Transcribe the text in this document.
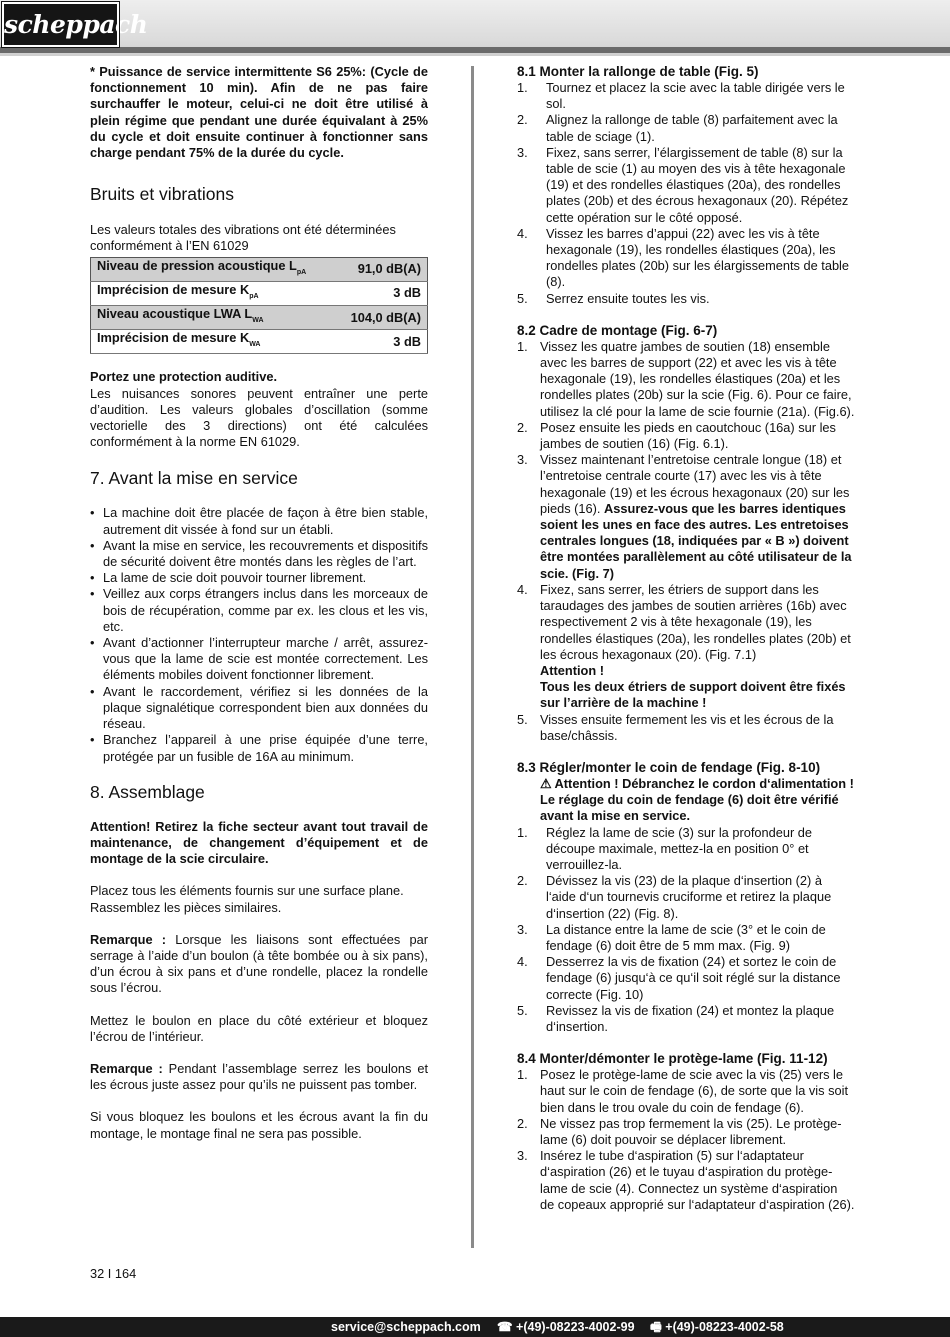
scheppach

* Puissance de service intermittente S6 25%: (Cycle de fonctionnement 10 min). Afin de ne pas faire surchauffer le moteur, celui-ci ne doit être utilisé à plein régime que pendant une durée équivalant à 25% du cycle et doit ensuite continuer à fonctionner sans charge pendant 75% de la durée du cycle.

Bruits et vibrations

Les valeurs totales des vibrations ont été déterminées conformément à l’EN 61029

Niveau de pression acoustique $L_{pA}$	91,0 dB(A)
Imprécision de mesure $K_{pA}$	3 dB
Niveau acoustique LWA $L_{WA}$	104,0 dB(A)
Imprécision de mesure $K_{WA}$	3 dB

Portez une protection auditive.

Les nuisances sonores peuvent entraîner une perte d’audition. Les valeurs globales d’oscillation (somme vectorielle des 3 directions) ont été calculées conformément à la norme EN 61029.

7. Avant la mise en service
• La machine doit être placée de façon à être bien stable, autrement dit vissée à fond sur un établi.
• Avant la mise en service, les recouvrements et dispositifs de sécurité doivent être montés dans les règles de l’art.
• La lame de scie doit pouvoir tourner librement.
• Veillez aux corps étrangers inclus dans les morceaux de bois de récupération, comme par ex. les clous et les vis, etc.
• Avant d’actionner l’interrupteur marche / arrêt, assurez-vous que la lame de scie est montée correctement. Les éléments mobiles doivent fonctionner librement.
• Avant le raccordement, vérifiez si les données de la plaque signalétique correspondent bien aux données du réseau.
• Branchez l’appareil à une prise équipée d’une terre, protégée par un fusible de 16A au minimum.
8. Assemblage

Attention! Retirez la fiche secteur avant tout travail de maintenance, de changement d’équipement et de montage de la scie circulaire.

Placez tous les éléments fournis sur une surface plane. Rassemblez les pièces similaires.

Remarque : Lorsque les liaisons sont effectuées par serrage à l’aide d’un boulon (à tête bombée ou à six pans), d’un écrou à six pans et d’une rondelle, placez la rondelle sous l’écrou.

Mettez le boulon en place du côté extérieur et bloquez l’écrou de l’intérieur.

Remarque : Pendant l’assemblage serrez les boulons et les écrous juste assez pour qu’ils ne puissent pas tomber.

Si vous bloquez les boulons et les écrous avant la fin du montage, le montage final ne sera pas possible.

8.1 Monter la rallonge de table (Fig. 5)
1. Tournez et placez la scie avec la table dirigée vers le sol.
2. Alignez la rallonge de table (8) parfaitement avec la table de sciage (1).
3. Fixez, sans serrer, l’élargissement de table (8) sur la table de scie (1) au moyen des vis à tête hexagonale (19) et des rondelles élastiques (20a), des rondelles plates (20b) et des écrous hexagonaux (20). Répétez cette opération sur le côté opposé.
4. Vissez les barres d’appui (22) avec les vis à tête hexagonale (19), les rondelles élastiques (20a), les rondelles plates (20b) sur les élargissements de table (8).
5. Serrez ensuite toutes les vis.
8.2 Cadre de montage (Fig. 6-7)
1. Vissez les quatre jambes de soutien (18) ensemble avec les barres de support (22) et avec les vis à tête hexagonale (19), les rondelles élastiques (20a) et les rondelles plates (20b) sur la scie (Fig. 6). Pour ce faire, utilisez la clé pour la lame de scie fournie (21a). (Fig.6).
2. Posez ensuite les pieds en caoutchouc (16a) sur les jambes de soutien (16) (Fig. 6.1).
3. Vissez maintenant l’entretoise centrale longue (18) et l’entretoise centrale courte (17) avec les vis à tête hexagonale (19) et les écrous hexagonaux (20) sur les pieds (16). Assurez-vous que les barres identiques soient les unes en face des autres. Les entretoises centrales longues (18, indiquées par « B ») doivent être montées parallèlement au côté utilisateur de la scie. (Fig. 7)
4. Fixez, sans serrer, les étriers de support dans les taraudages des jambes de soutien arrières (16b) avec respectivement 2 vis à tête hexagonale (19), les rondelles élastiques (20a), les rondelles plates (20b) et les écrous hexagonaux (20). (Fig. 7.1)
Attention !
Tous les deux étriers de support doivent être fixés sur l’arrière de la machine !
5. Visses ensuite fermement les vis et les écrous de la base/châssis.
8.3 Régler/monter le coin de fendage (Fig. 8-10)

⚠ Attention ! Débranchez le cordon d‘alimentation !

Le réglage du coin de fendage (6) doit être vérifié avant la mise en service.

1. Réglez la lame de scie (3) sur la profondeur de découpe maximale, mettez-la en position 0° et verrouillez-la.
2. Dévissez la vis (23) de la plaque d‘insertion (2) à l‘aide d‘un tournevis cruciforme et retirez la plaque d‘insertion (22) (Fig. 8).
3. La distance entre la lame de scie (3° et le coin de fendage (6) doit être de 5 mm max. (Fig. 9)
4. Desserrez la vis de fixation (24) et sortez le coin de fendage (6) jusqu‘à ce qu‘il soit réglé sur la distance correcte (Fig. 10)
5. Revissez la vis de fixation (24) et montez la plaque d‘insertion.
8.4 Monter/démonter le protège-lame (Fig. 11-12)
1. Posez le protège-lame de scie avec la vis (25) vers le haut sur le coin de fendage (6), de sorte que la vis soit bien dans le trou ovale du coin de fendage (6).
2. Ne vissez pas trop fermement la vis (25). Le protège-lame (6) doit pouvoir se déplacer librement.
3. Insérez le tube d‘aspiration (5) sur l‘adaptateur d‘aspiration (26) et le tuyau d‘aspiration du protège-lame de scie (4). Connectez un système d‘aspiration de copeaux approprié sur l‘adaptateur d‘aspiration (26).
32 I 164
service@scheppach.com ☎ +(49)-08223-4002-99 🖷 +(49)-08223-4002-58
